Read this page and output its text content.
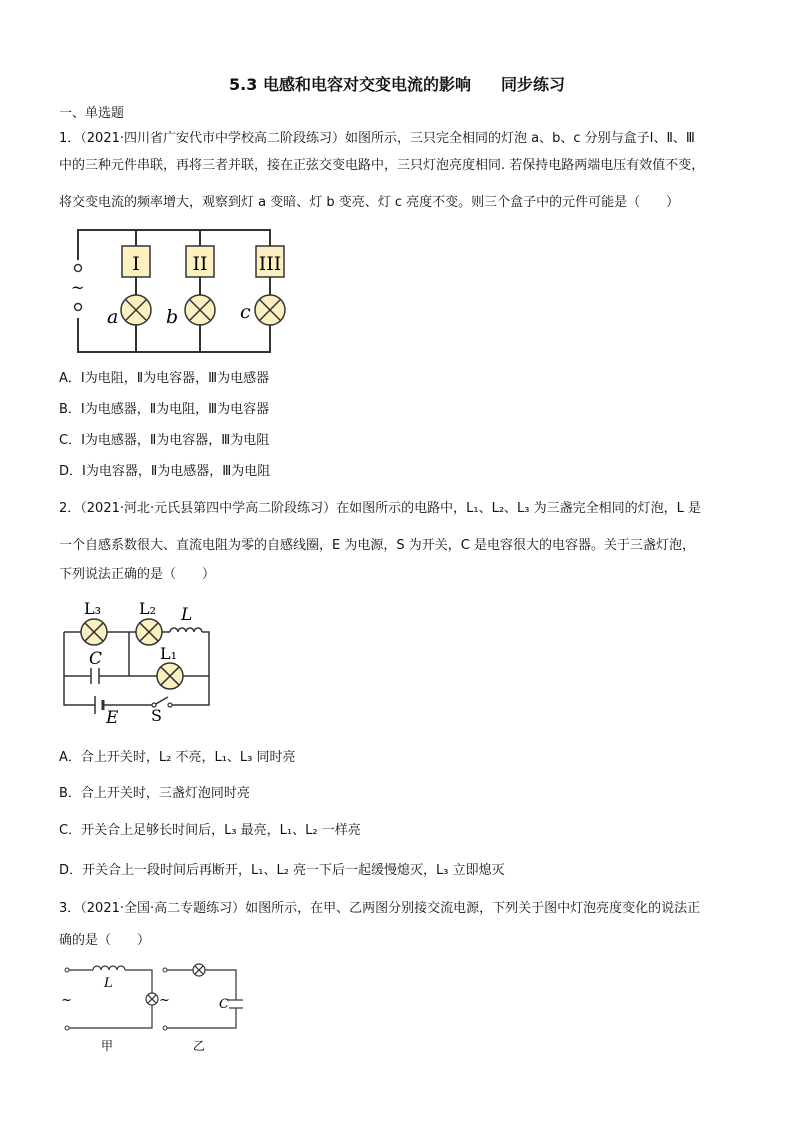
5.3 电感和电容对交变电流的影响 同步练习
一、单选题
1．（2021·四川省广安代市中学校高二阶段练习）如图所示，三只完全相同的灯泡 a、b、c 分别与盒子Ⅰ、Ⅱ、Ⅲ
中的三种元件串联，再将三者并联，接在正弦交变电路中，三只灯泡亮度相同. 若保持电路两端电压有效值不变，
将交变电流的频率增大，观察到灯 a 变暗、灯 b 变亮、灯 c 亮度不变。则三个盒子中的元件可能是（　　）
I	II	III
a	b	c
~
A．Ⅰ为电阻，Ⅱ为电容器，Ⅲ为电感器
B．Ⅰ为电感器，Ⅱ为电阻，Ⅲ为电容器
C．Ⅰ为电感器，Ⅱ为电容器，Ⅲ为电阻
D．Ⅰ为电容器，Ⅱ为电感器，Ⅲ为电阻
2．（2021·河北·元氏县第四中学高二阶段练习）在如图所示的电路中，L₁、L₂、L₃ 为三盏完全相同的灯泡，L 是
一个自感系数很大、直流电阻为零的自感线圈，E 为电源，S 为开关，C 是电容很大的电容器。关于三盏灯泡，
下列说法正确的是（　　）
L₃ L₂ L
C	L₁
E S
A．合上开关时，L₂ 不亮，L₁、L₃ 同时亮
B．合上开关时，三盏灯泡同时亮
C．开关合上足够长时间后，L₃ 最亮，L₁、L₂ 一样亮
D．开关合上一段时间后再断开，L₁、L₂ 亮一下后一起缓慢熄灭，L₃ 立即熄灭
3．（2021·全国·高二专题练习）如图所示，在甲、乙两图分别接交流电源，下列关于图中灯泡亮度变化的说法正
确的是（　　）
L
C
~	~
甲	乙
